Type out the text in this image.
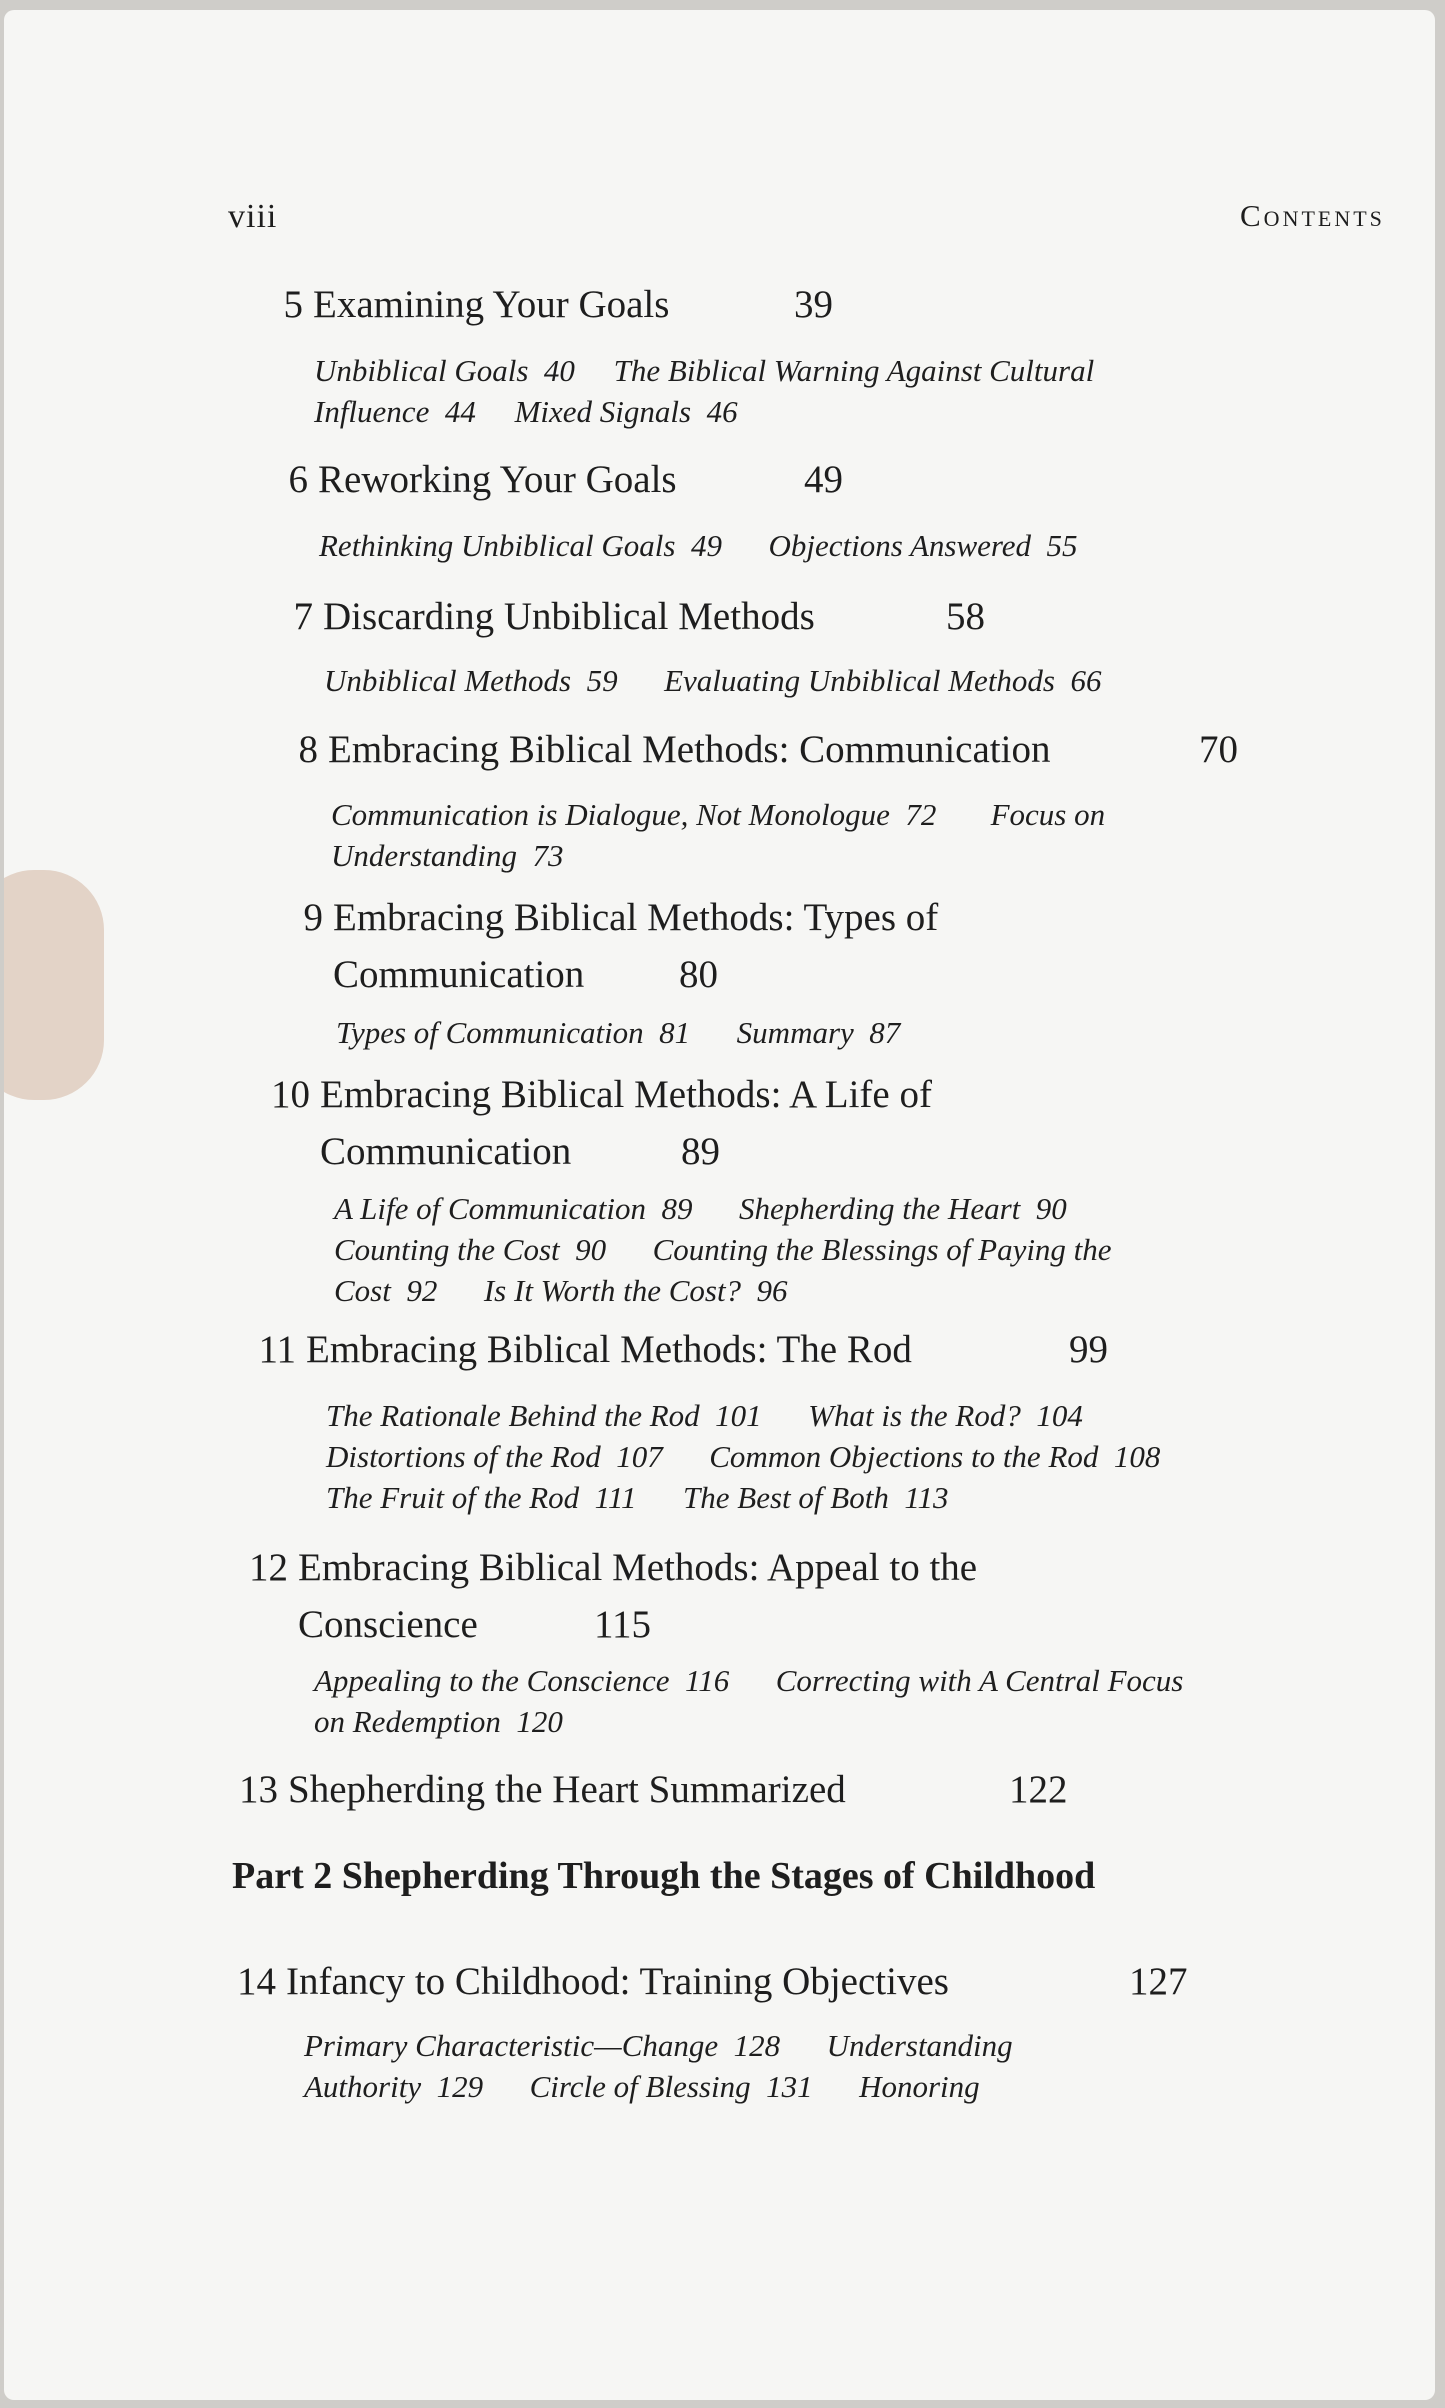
viii	Contents
5 Examining Your Goals	39
Unbiblical Goals  40     The Biblical Warning Against Cultural
Influence  44     Mixed Signals  46
6 Reworking Your Goals	49
Rethinking Unbiblical Goals  49      Objections Answered  55
7 Discarding Unbiblical Methods	58
Unbiblical Methods  59      Evaluating Unbiblical Methods  66
8 Embracing Biblical Methods: Communication	70
Communication is Dialogue, Not Monologue  72       Focus on
Understanding  73
9 Embracing Biblical Methods: Types of
Communication 80
Types of Communication  81      Summary  87
10 Embracing Biblical Methods: A Life of
Communication	89
A Life of Communication  89      Shepherding the Heart  90
Counting the Cost  90      Counting the Blessings of Paying the
Cost  92      Is It Worth the Cost?  96
11 Embracing Biblical Methods: The Rod	99
The Rationale Behind the Rod  101      What is the Rod?  104
Distortions of the Rod  107      Common Objections to the Rod  108
The Fruit of the Rod  111      The Best of Both  113
12 Embracing Biblical Methods: Appeal to the
Conscience	115
Appealing to the Conscience  116      Correcting with A Central Focus
on Redemption  120
13 Shepherding the Heart Summarized	122
14 Infancy to Childhood: Training Objectives	127
Primary Characteristic—Change  128      Understanding
Authority  129      Circle of Blessing  131      Honoring
Part 2 Shepherding Through the Stages of Childhood
